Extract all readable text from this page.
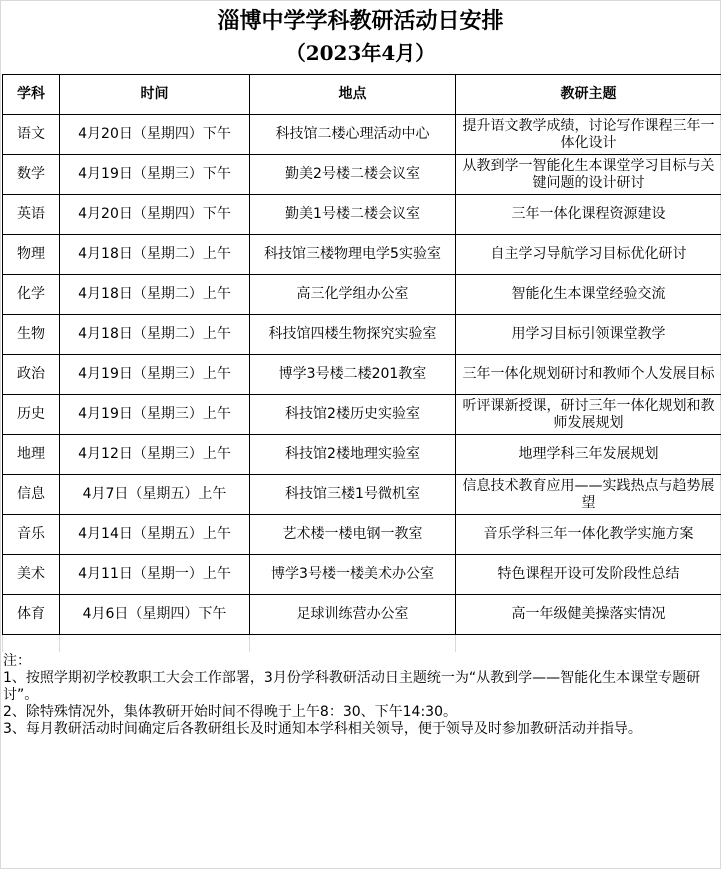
淄博中学学科教研活动日安排
（2023年4月）
学科	时间	地点	教研主题
语文	4月20日（星期四）下午	科技馆二楼心理活动中心	提升语文教学成绩，讨论写作课程三年一体化设计
数学	4月19日（星期三）下午	勤美2号楼二楼会议室	从教到学一智能化生本课堂学习目标与关键问题的设计研讨
英语	4月20日（星期四）下午	勤美1号楼二楼会议室	三年一体化课程资源建设
物理	4月18日（星期二）上午	科技馆三楼物理电学5实验室	自主学习导航学习目标优化研讨
化学	4月18日（星期二）上午	高三化学组办公室	智能化生本课堂经验交流
生物	4月18日（星期二）上午	科技馆四楼生物探究实验室	用学习目标引领课堂教学
政治	4月19日（星期三）上午	博学3号楼二楼201教室	三年一体化规划研讨和教师个人发展目标
历史	4月19日（星期三）上午	科技馆2楼历史实验室	听评课新授课，研讨三年一体化规划和教师发展规划
地理	4月12日（星期三）上午	科技馆2楼地理实验室	地理学科三年发展规划
信息	4月7日（星期五）上午	科技馆三楼1号微机室	信息技术教育应用——实践热点与趋势展望
音乐	4月14日（星期五）上午	艺术楼一楼电钢一教室	音乐学科三年一体化教学实施方案
美术	4月11日（星期一）上午	博学3号楼一楼美术办公室	特色课程开设可发阶段性总结
体育	4月6日（星期四）下午	足球训练营办公室	高一年级健美操落实情况

注：
1、按照学期初学校教职工大会工作部署，3月份学科教研活动日主题统一为“从教到学——智能化生本课堂专题研讨”。
2、除特殊情况外，集体教研开始时间不得晚于上午8：30、下午14:30。
3、每月教研活动时间确定后各教研组长及时通知本学科相关领导，便于领导及时参加教研活动并指导。
